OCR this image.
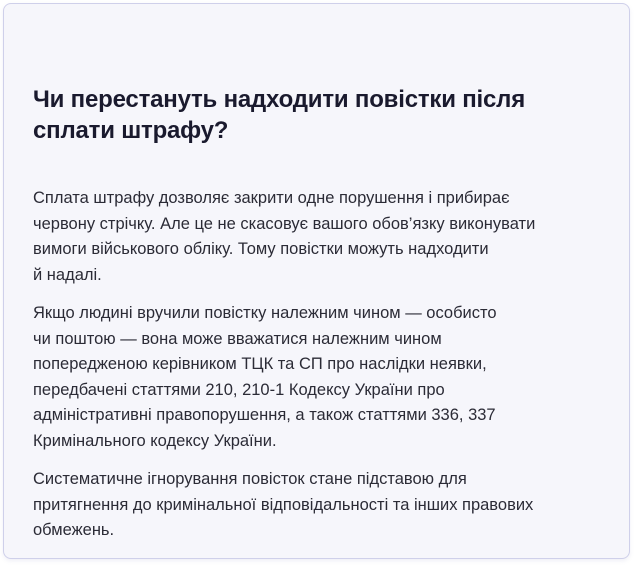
Чи перестануть надходити повістки після
сплати штрафу?

Сплата штрафу дозволяє закрити одне порушення і прибирає
червону стрічку. Але це не скасовує вашого обов’язку виконувати
вимоги військового обліку. Тому повістки можуть надходити
й надалі.

Якщо людині вручили повістку належним чином — особисто
чи поштою — вона може вважатися належним чином
попередженою керівником ТЦК та СП про наслідки неявки,
передбачені статтями 210, 210-1 Кодексу України про
адміністративні правопорушення, а також статтями 336, 337
Кримінального кодексу України.

Систематичне ігнорування повісток стане підставою для
притягнення до кримінальної відповідальності та інших правових
обмежень.
